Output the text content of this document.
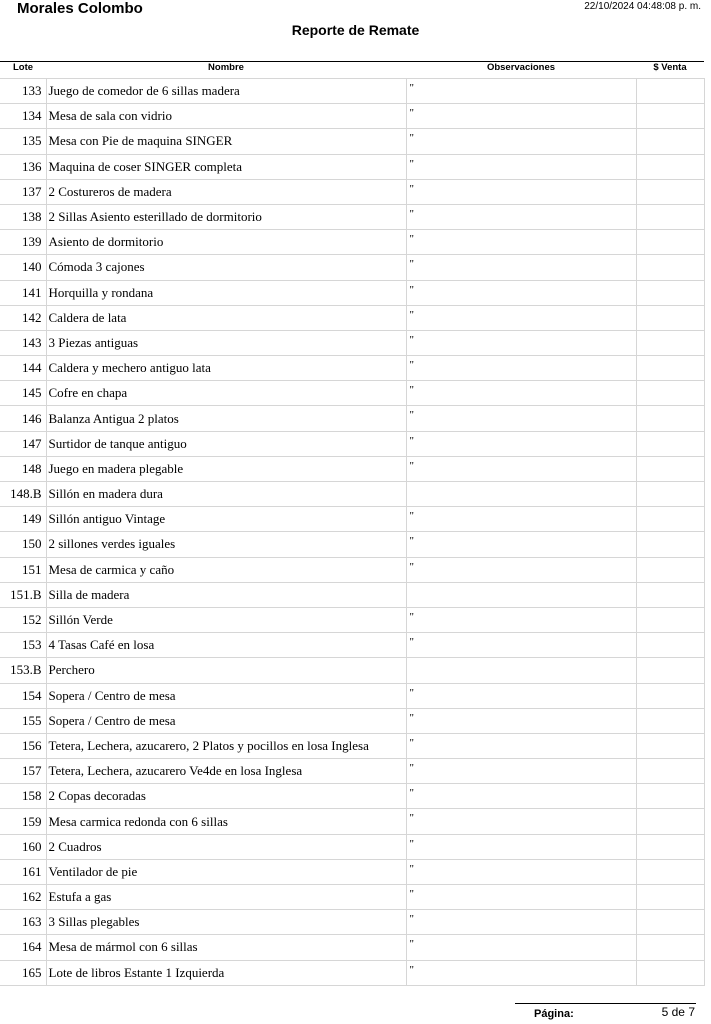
Morales Colombo	22/10/2024 04:48:08 p. m.
Reporte de Remate
Lote	Nombre	Observaciones	$ Venta
133	Juego de comedor de 6 sillas madera	"	
134	Mesa de sala con vidrio	"	
135	Mesa con Pie de maquina SINGER	"	
136	Maquina de coser SINGER completa	"	
137	2 Costureros de madera	"	
138	2 Sillas Asiento esterillado de dormitorio	"	
139	Asiento de dormitorio	"	
140	Cómoda 3 cajones	"	
141	Horquilla y rondana	"	
142	Caldera de lata	"	
143	3 Piezas antiguas	"	
144	Caldera y mechero antiguo lata	"	
145	Cofre en chapa	"	
146	Balanza Antigua 2 platos	"	
147	Surtidor de tanque antiguo	"	
148	Juego en madera plegable	"	
148.B	Sillón en madera dura		
149	Sillón antiguo Vintage	"	
150	2 sillones verdes iguales	"	
151	Mesa de carmica y caño	"	
151.B	Silla de madera		
152	Sillón Verde	"	
153	4 Tasas Café en losa	"	
153.B	Perchero		
154	Sopera / Centro de mesa	"	
155	Sopera / Centro de mesa	"	
156	Tetera, Lechera, azucarero, 2 Platos y pocillos en losa Inglesa	"	
157	Tetera, Lechera, azucarero Ve4de en losa Inglesa	"	
158	2 Copas decoradas	"	
159	Mesa carmica redonda con 6 sillas	"	
160	2 Cuadros	"	
161	Ventilador de pie	"	
162	Estufa a gas	"	
163	3 Sillas plegables	"	
164	Mesa de mármol con 6 sillas	"	
165	Lote de libros Estante 1 Izquierda	"	
Página:	5 de 7
